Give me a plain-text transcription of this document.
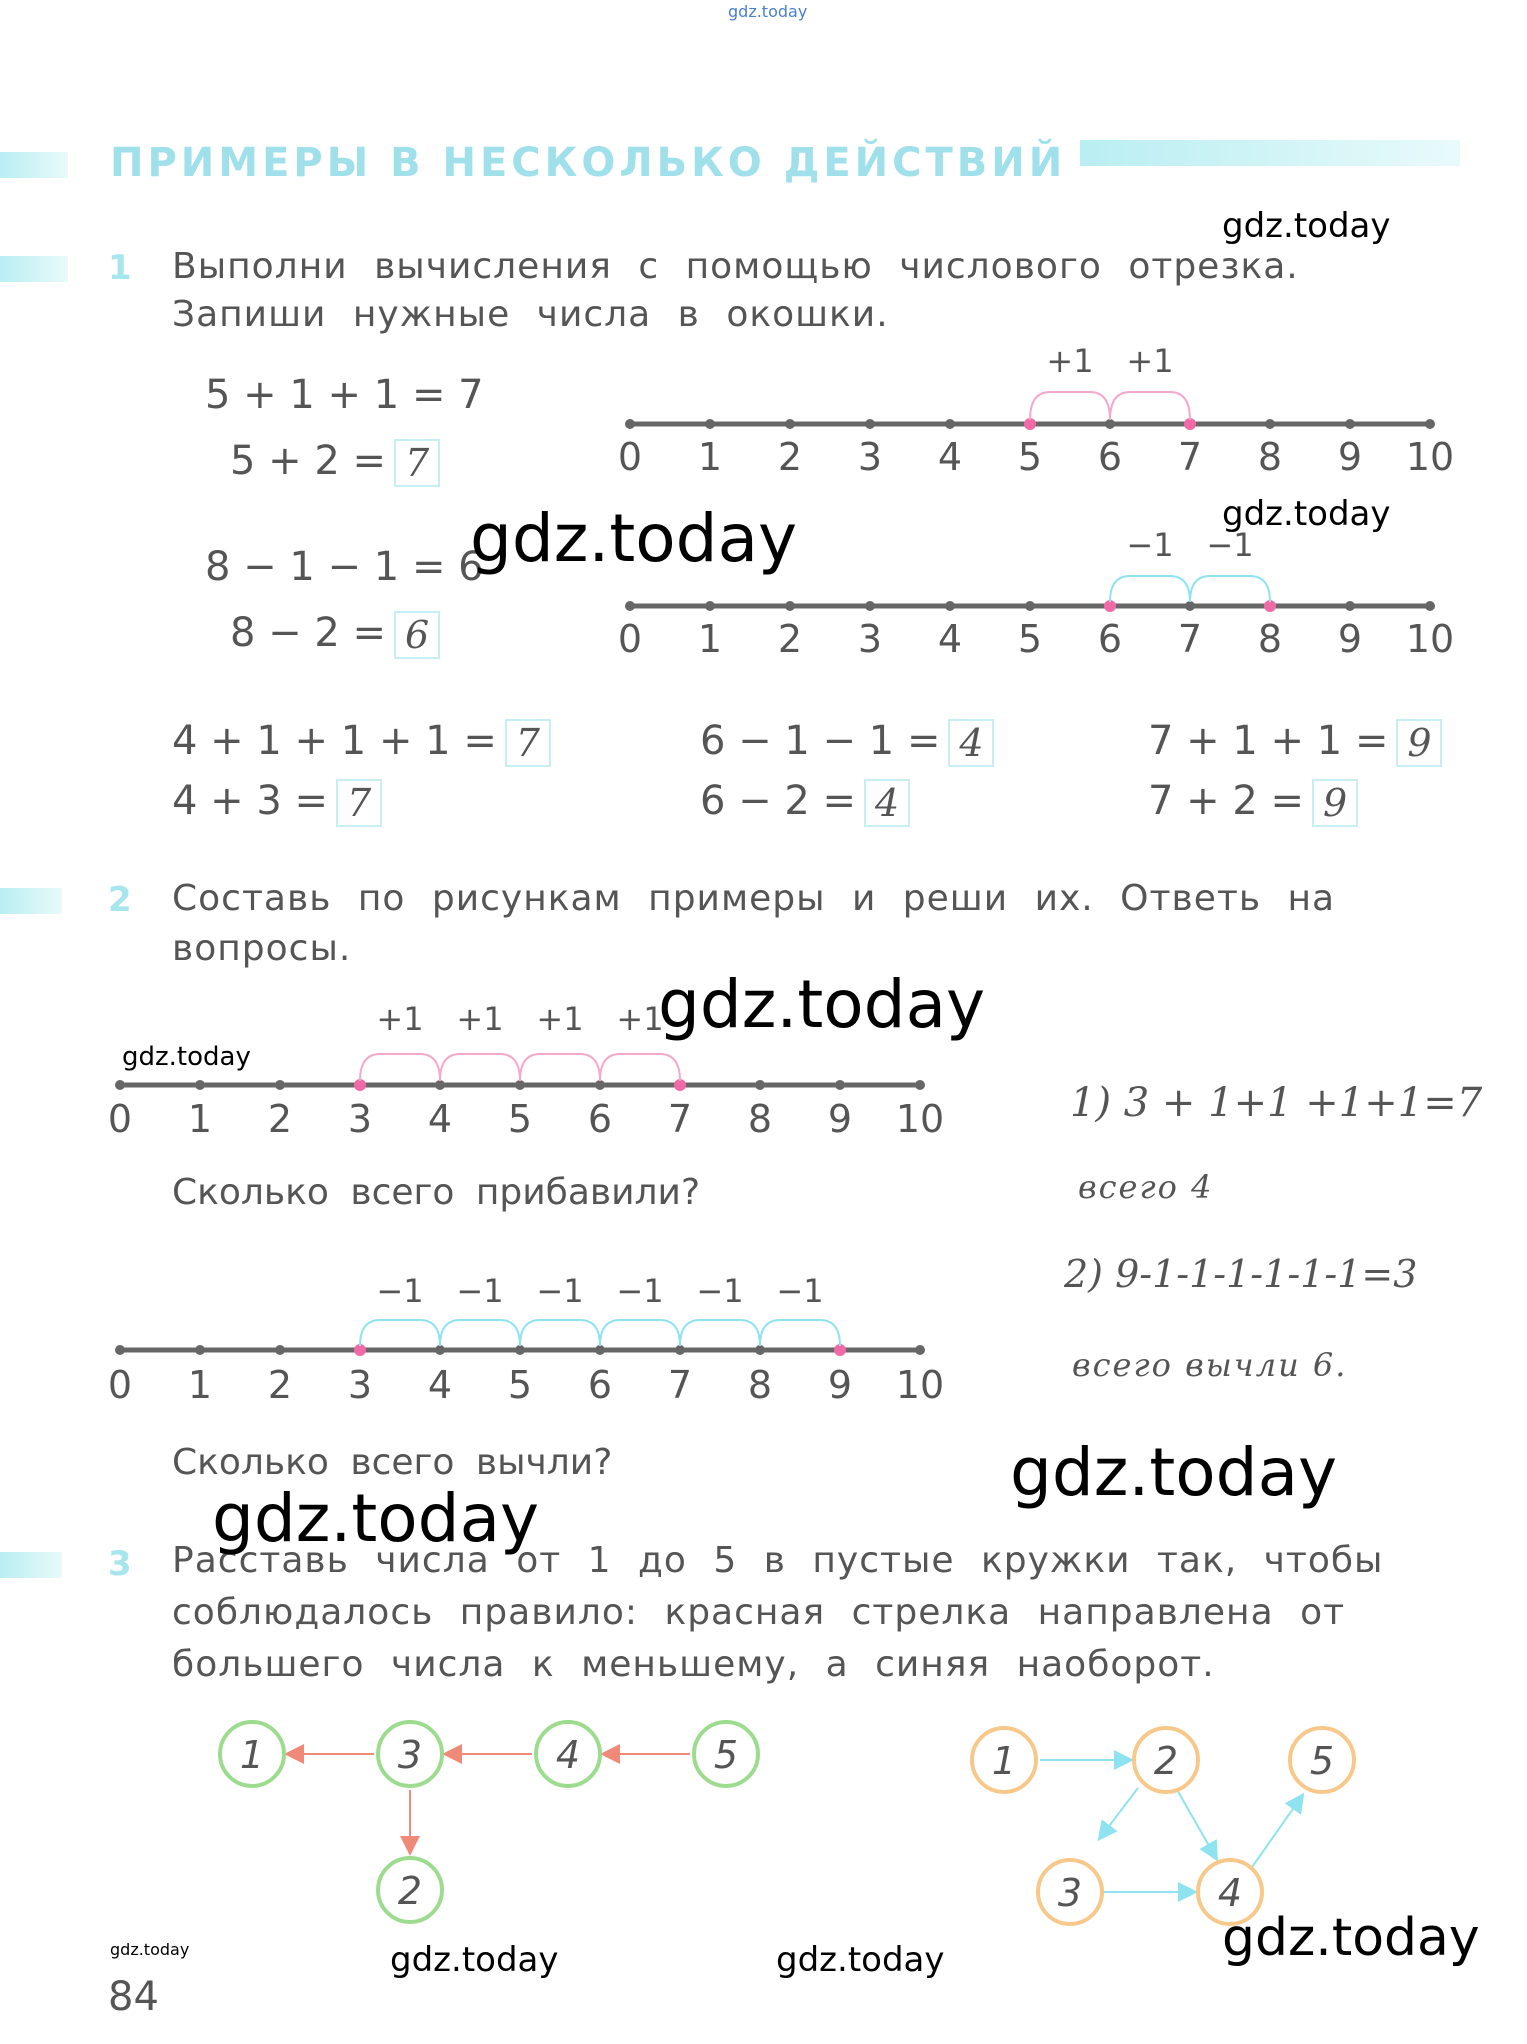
gdz.today
ПРИМЕРЫ В НЕСКОЛЬКО ДЕЙСТВИЙ
1 Выполни вычисления с помощью числового отрезка.
Запиши нужные числа в окошки.
5 + 1 + 1 = 7
5 + 2 = 7
8 − 1 − 1 = 6
8 − 2 = 6
+1 +1
0 1 2 3 4 5 6 7 8 9 10
−1 −1
0 1 2 3 4 5 6 7 8 9 10
4 + 1 + 1 + 1 = 7
4 + 3 = 7
6 − 1 − 1 = 4
6 − 2 = 4
7 + 1 + 1 = 9
7 + 2 = 9
2 Составь по рисункам примеры и реши их. Ответь на
вопросы.
+1 +1 +1 +1
0 1 2 3 4 5 6 7 8 9 10
−1 −1 −1 −1 −1 −1
0 1 2 3 4 5 6 7 8 9 10
Сколько всего прибавили?
Сколько всего вычли?
1) 3 + 1+1 +1+1=7
всего 4
2) 9-1-1-1-1-1-1=3
всего вычли 6.
3 Расставь числа от 1 до 5 в пустые кружки так, чтобы
соблюдалось правило: красная стрелка направлена от
большего числа к меньшему, а синяя наоборот.
1	3	4	5
2
1	2	5
3	4
84
gdz.today
gdz.today	gdz.today
gdz.today
gdz.today
gdz.today
gdz.today
gdz.today	gdz.today	gdz.today	gdz.today
